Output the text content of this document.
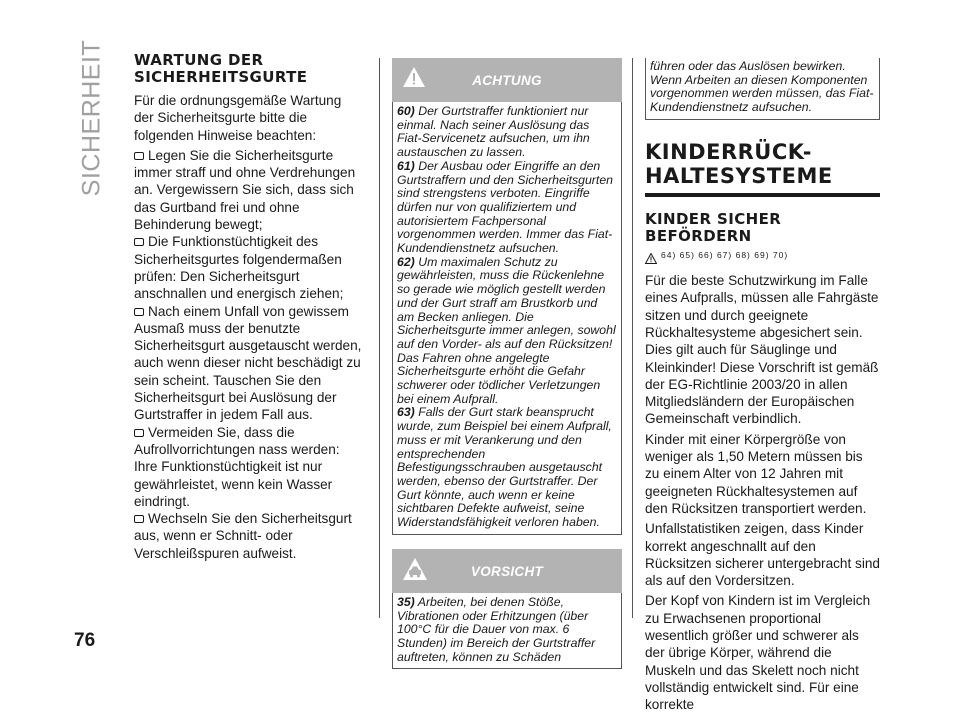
SICHERHEIT
76
WARTUNG DER SICHERHEITSGURTE

Für die ordnungsgemäße Wartung der Sicherheitsgurte bitte die folgenden Hinweise beachten:

Legen Sie die Sicherheitsgurte immer straff und ohne Verdrehungen an. Vergewissern Sie sich, dass sich das Gurtband frei und ohne Behinderung bewegt;
Die Funktionstüchtigkeit des Sicherheitsgurtes folgendermaßen prüfen: Den Sicherheitsgurt anschnallen und energisch ziehen;
Nach einem Unfall von gewissem Ausmaß muss der benutzte Sicherheitsgurt ausgetauscht werden, auch wenn dieser nicht beschädigt zu sein scheint. Tauschen Sie den Sicherheitsgurt bei Auslösung der Gurtstraffer in jedem Fall aus.
Vermeiden Sie, dass die Aufrollvorrichtungen nass werden: Ihre Funktionstüchtigkeit ist nur gewährleistet, wenn kein Wasser eindringt.
Wechseln Sie den Sicherheitsgurt aus, wenn er Schnitt- oder Verschleißspuren aufweist.
ACHTUNG
60) Der Gurtstraffer funktioniert nur einmal. Nach seiner Auslösung das Fiat-Servicenetz aufsuchen, um ihn austauschen zu lassen.
61) Der Ausbau oder Eingriffe an den Gurtstraffern und den Sicherheitsgurten sind strengstens verboten. Eingriffe dürfen nur von qualifiziertem und autorisiertem Fachpersonal vorgenommen werden. Immer das Fiat-Kundendienstnetz aufsuchen.
62) Um maximalen Schutz zu gewährleisten, muss die Rückenlehne so gerade wie möglich gestellt werden und der Gurt straff am Brustkorb und am Becken anliegen. Die Sicherheitsgurte immer anlegen, sowohl auf den Vorder- als auf den Rücksitzen! Das Fahren ohne angelegte Sicherheitsgurte erhöht die Gefahr schwerer oder tödlicher Verletzungen bei einem Aufprall.
63) Falls der Gurt stark beansprucht wurde, zum Beispiel bei einem Aufprall, muss er mit Verankerung und den entsprechenden Befestigungsschrauben ausgetauscht werden, ebenso der Gurtstraffer. Der Gurt könnte, auch wenn er keine sichtbaren Defekte aufweist, seine Widerstandsfähigkeit verloren haben.
VORSICHT
35) Arbeiten, bei denen Stöße, Vibrationen oder Erhitzungen (über 100°C für die Dauer von max. 6 Stunden) im Bereich der Gurtstraffer auftreten, können zu Schäden
führen oder das Auslösen bewirken. Wenn Arbeiten an diesen Komponenten vorgenommen werden müssen, das Fiat-Kundendienstnetz aufsuchen.
KINDERRÜCK-
HALTESYSTEME
KINDER SICHER
BEFÖRDERN
64) 65) 66) 67) 68) 69) 70)

Für die beste Schutzwirkung im Falle eines Aufpralls, müssen alle Fahrgäste sitzen und durch geeignete Rückhaltesysteme abgesichert sein. Dies gilt auch für Säuglinge und Kleinkinder! Diese Vorschrift ist gemäß der EG-Richtlinie 2003/20 in allen Mitgliedsländern der Europäischen Gemeinschaft verbindlich.

Kinder mit einer Körpergröße von weniger als 1,50 Metern müssen bis zu einem Alter von 12 Jahren mit geeigneten Rückhaltesystemen auf den Rücksitzen transportiert werden.

Unfallstatistiken zeigen, dass Kinder korrekt angeschnallt auf den Rücksitzen sicherer untergebracht sind als auf den Vordersitzen.

Der Kopf von Kindern ist im Vergleich zu Erwachsenen proportional wesentlich größer und schwerer als der übrige Körper, während die Muskeln und das Skelett noch nicht vollständig entwickelt sind. Für eine korrekte
